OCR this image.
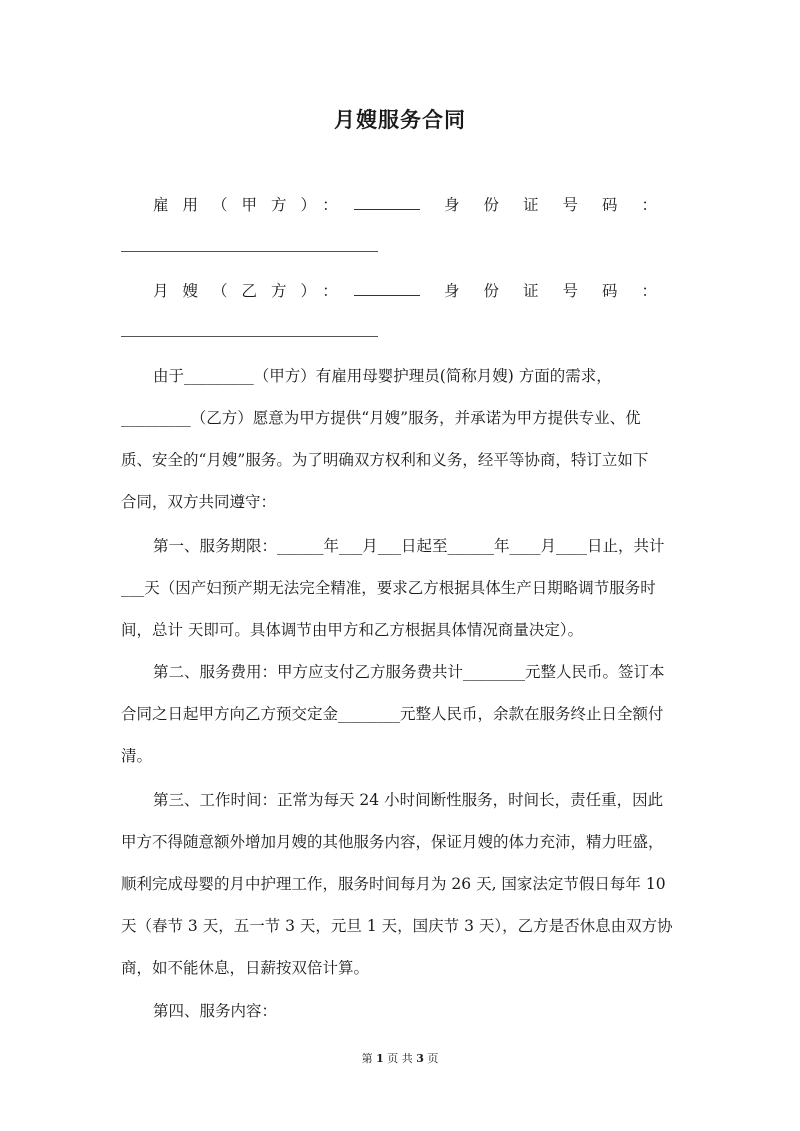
月嫂服务合同
雇用（甲方）：	身份证号码：
月嫂（乙方）：	身份证号码：
由于_________（甲方）有雇用母婴护理员(简称月嫂) 方面的需求，
_________（乙方）愿意为甲方提供“月嫂”服务，并承诺为甲方提供专业、优
质、安全的“月嫂”服务。为了明确双方权利和义务，经平等协商，特订立如下
合同，双方共同遵守：
第一、服务期限：______年___月___日起至______年____月____日止，共计
___天（因产妇预产期无法完全精准，要求乙方根据具体生产日期略调节服务时
间，总计 天即可。具体调节由甲方和乙方根据具体情况商量决定）。
第二、服务费用：甲方应支付乙方服务费共计________元整人民币。签订本
合同之日起甲方向乙方预交定金________元整人民币，余款在服务终止日全额付
清。
第三、工作时间：正常为每天 24 小时间断性服务，时间长，责任重，因此
甲方不得随意额外增加月嫂的其他服务内容，保证月嫂的体力充沛，精力旺盛，
顺利完成母婴的月中护理工作，服务时间每月为 26 天, 国家法定节假日每年 10
天（春节 3 天，五一节 3 天，元旦 1 天，国庆节 3 天），乙方是否休息由双方协
商，如不能休息，日薪按双倍计算。
第四、服务内容：
第 1 页 共 3 页
